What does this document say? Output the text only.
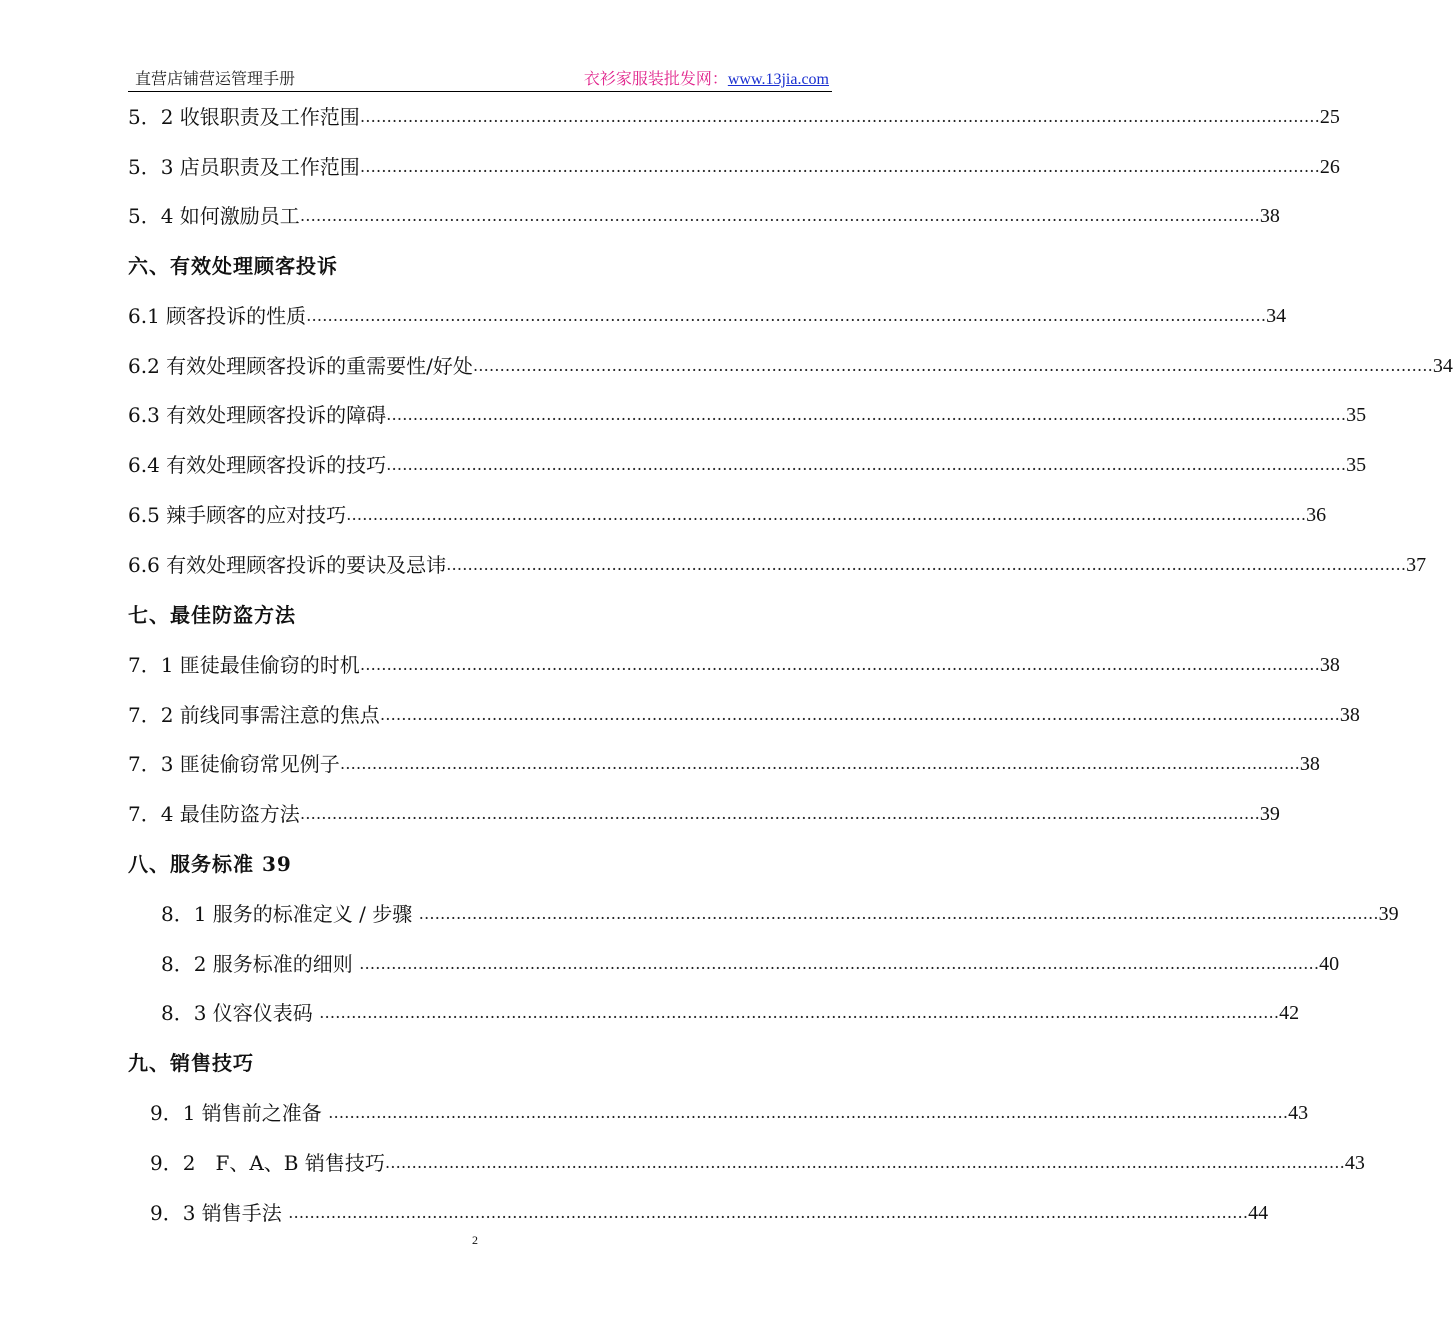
直营店铺营运管理手册	衣衫家服装批发网：www.13jia.com
5．2 收银职责及工作范围 ……………………………………………………………………………………………………………………………………………………………… 25
5．3 店员职责及工作范围 ……………………………………………………………………………………………………………………………………………………………… 26
5．4 如何激励员工 ……………………………………………………………………………………………………………………………………………………………… 38
六、有效处理顾客投诉
6.1 顾客投诉的性质 ……………………………………………………………………………………………………………………………………………………………… 34
6.2 有效处理顾客投诉的重需要性/好处 ……………………………………………………………………………………………………………………………………………………………… 34
6.3 有效处理顾客投诉的障碍 ……………………………………………………………………………………………………………………………………………………………… 35
6.4 有效处理顾客投诉的技巧 ……………………………………………………………………………………………………………………………………………………………… 35
6.5 辣手顾客的应对技巧 ……………………………………………………………………………………………………………………………………………………………… 36
6.6 有效处理顾客投诉的要诀及忌讳 ……………………………………………………………………………………………………………………………………………………………… 37
七、最佳防盗方法
7．1 匪徒最佳偷窃的时机 ……………………………………………………………………………………………………………………………………………………………… 38
7．2 前线同事需注意的焦点 ……………………………………………………………………………………………………………………………………………………………… 38
7．3 匪徒偷窃常见例子 ……………………………………………………………………………………………………………………………………………………………… 38
7．4 最佳防盗方法 ……………………………………………………………………………………………………………………………………………………………… 39
八、服务标准 39
8．1 服务的标准定义 / 步骤 ……………………………………………………………………………………………………………………………………………………………… 39
8．2 服务标准的细则 ……………………………………………………………………………………………………………………………………………………………… 40
8．3 仪容仪表码 ……………………………………………………………………………………………………………………………………………………………… 42
九、销售技巧
9．1 销售前之准备 ……………………………………………………………………………………………………………………………………………………………… 43
9．2　F、A、B 销售技巧 ……………………………………………………………………………………………………………………………………………………………… 43
9．3 销售手法 ……………………………………………………………………………………………………………………………………………………………… 44
2
